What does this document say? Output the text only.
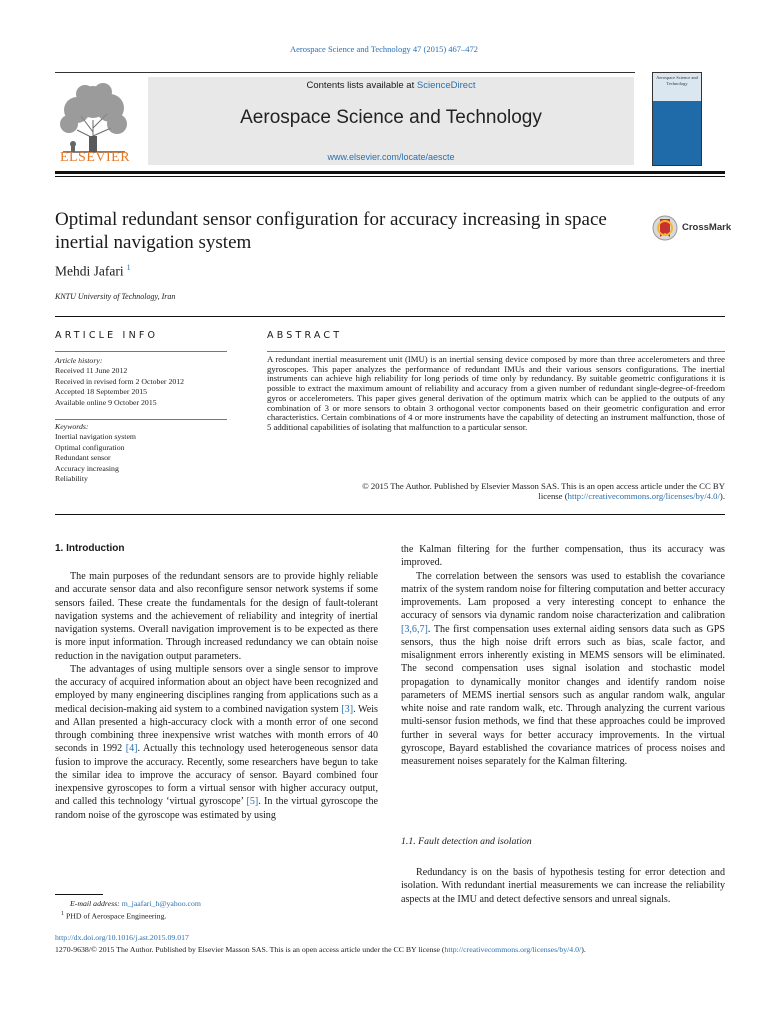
Aerospace Science and Technology 47 (2015) 467–472
ELSEVIER
Contents lists available at ScienceDirect
Aerospace Science and Technology
www.elsevier.com/locate/aescte
Aerospace Science and Technology
Optimal redundant sensor configuration for accuracy increasing in space inertial navigation system
CrossMark
Mehdi Jafari $^1$
KNTU University of Technology, Iran
ARTICLE INFO	ABSTRACT
Article history:
Received 11 June 2012
Received in revised form 2 October 2012
Accepted 18 September 2015
Available online 9 October 2015
Keywords:
Inertial navigation system
Optimal configuration
Redundant sensor
Accuracy increasing
Reliability
A redundant inertial measurement unit (IMU) is an inertial sensing device composed by more than three accelerometers and three gyroscopes. This paper analyzes the performance of redundant IMUs and their various sensors configurations. The inertial instruments can achieve high reliability for long periods of time only by redundancy. By suitable geometric configurations it is possible to extract the maximum amount of reliability and accuracy from a given number of redundant single-degree-of-freedom gyros or accelerometers. This paper gives general derivation of the optimum matrix which can be applied to the outputs of any combination of 3 or more sensors to obtain 3 orthogonal vector components based on their geometric configuration and error characteristics. Certain combinations of 4 or more instruments have the capability of detecting an instrument malfunction, those of 5 additional capabilities of isolating that malfunction to a particular sensor.
© 2015 The Author. Published by Elsevier Masson SAS. This is an open access article under the CC BY
license (http://creativecommons.org/licenses/by/4.0/).
1. Introduction

The main purposes of the redundant sensors are to provide highly reliable and accurate sensor data and also reconfigure sensor network systems if some sensors failed. These create the fundamentals for the design of fault-tolerant navigation systems and the achievement of reliability and integrity of inertial navigation systems. Overall navigation improvement is to be expected as there is more input information. Through increased redundancy we can obtain noise reduction in the navigation output parameters.

The advantages of using multiple sensors over a single sensor to improve the accuracy of acquired information about an object have been recognized and employed by many engineering disciplines ranging from applications such as a medical decision-making aid system to a combined navigation system [3]. Weis and Allan presented a high-accuracy clock with a month error of one second through combining three inexpensive wrist watches with month errors of 40 seconds in 1992 [4]. Actually this technology used heterogeneous sensor data fusion to improve the accuracy. Recently, some researchers have begun to take the similar idea to improve the accuracy of sensor. Bayard combined four inexpensive gyroscopes to form a virtual sensor with higher accuracy output, and called this technology ‘virtual gyroscope’ [5]. In the virtual gyroscope the random noise of the gyroscope was estimated by using

the Kalman filtering for the further compensation, thus its accuracy was improved.

The correlation between the sensors was used to establish the covariance matrix of the system random noise for filtering computation and better accuracy improvements. Lam proposed a very interesting concept to enhance the accuracy of sensors via dynamic random noise characterization and calibration [3,6,7]. The first compensation uses external aiding sensors data such as GPS sensors, thus the high noise drift errors such as bias, scale factor, and misalignment errors inherently existing in MEMS sensors will be eliminated. The second compensation uses signal isolation and stochastic model propagation to dynamically monitor changes and identify random noise parameters of MEMS inertial sensors such as angular random walk, angular white noise and rate random walk, etc. Through analyzing the current various multi-sensor fusion methods, we find that these approaches could be improved further in several ways for better accuracy improvements. In the virtual gyroscope, Bayard established the covariance matrices of process noises and measurement noises separately for the Kalman filtering.

1.1. Fault detection and isolation

Redundancy is on the basis of hypothesis testing for error detection and isolation. With redundant inertial measurements we can increase the reliability aspects at the IMU and detect defective sensors and unreal signals.

E-mail address: m_jaafari_h@yahoo.com
$^1$ PHD of Aerospace Engineering.
http://dx.doi.org/10.1016/j.ast.2015.09.017
1270-9638/© 2015 The Author. Published by Elsevier Masson SAS. This is an open access article under the CC BY license (http://creativecommons.org/licenses/by/4.0/).
